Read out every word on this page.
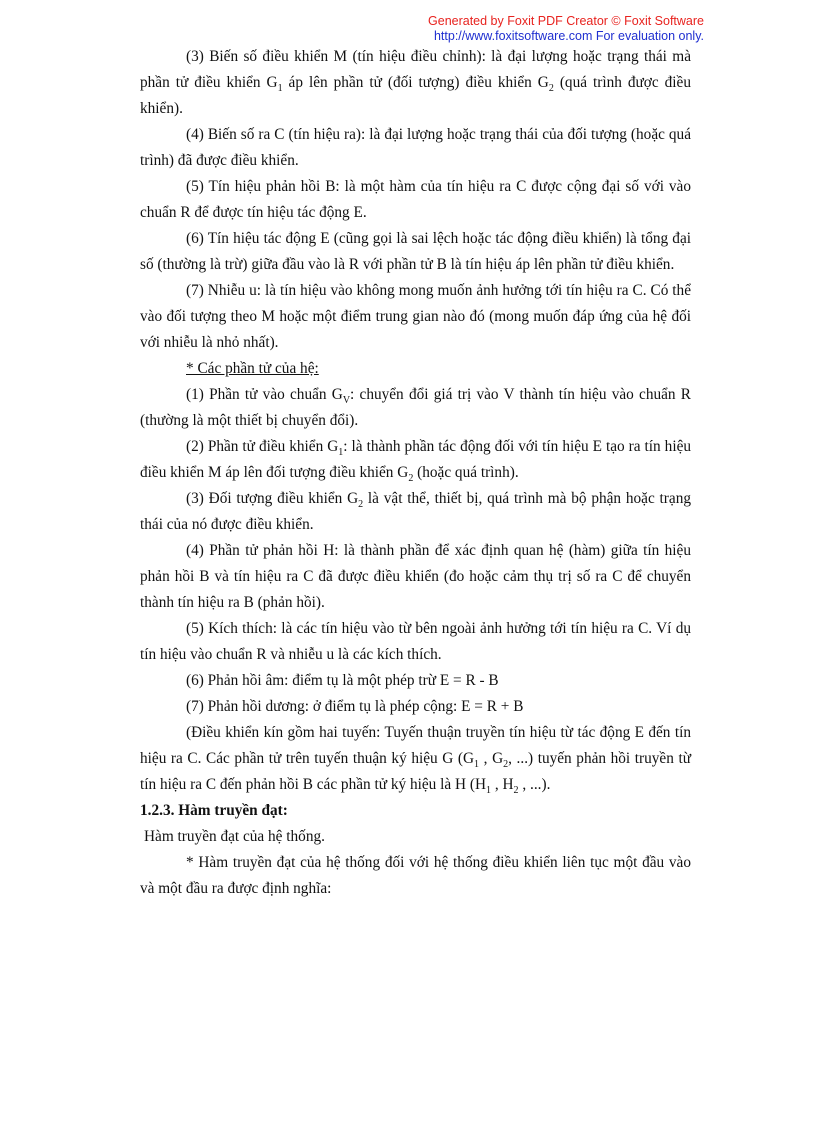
Generated by Foxit PDF Creator © Foxit Software
http://www.foxitsoftware.com For evaluation only.

(3) Biến số điều khiển M (tín hiệu điều chỉnh): là đại lượng hoặc trạng thái mà phần tử điều khiển $G_1$ áp lên phần tử (đối tượng) điều khiển $G_2$ (quá trình được điều khiển).

(4) Biến số ra C (tín hiệu ra): là đại lượng hoặc trạng thái của đối tượng (hoặc quá trình) đã được điều khiển.

(5) Tín hiệu phản hồi B: là một hàm của tín hiệu ra C được cộng đại số với vào chuẩn R để được tín hiệu tác động E.

(6) Tín hiệu tác động E (cũng gọi là sai lệch hoặc tác động điều khiển) là tổng đại số (thường là trừ) giữa đầu vào là R với phần tử B là tín hiệu áp lên phần tử điều khiển.

(7) Nhiễu u: là tín hiệu vào không mong muốn ảnh hưởng tới tín hiệu ra C. Có thể vào đối tượng theo M hoặc một điểm trung gian nào đó (mong muốn đáp ứng của hệ đối với nhiễu là nhỏ nhất).

* Các phần tử của hệ:

(1) Phần tử vào chuẩn $G_V$: chuyển đổi giá trị vào V thành tín hiệu vào chuẩn R (thường là một thiết bị chuyển đổi).

(2) Phần tử điều khiển $G_1$: là thành phần tác động đối với tín hiệu E tạo ra tín hiệu điều khiển M áp lên đối tượng điều khiển $G_2$ (hoặc quá trình).

(3) Đối tượng điều khiển $G_2$ là vật thể, thiết bị, quá trình mà bộ phận hoặc trạng thái của nó được điều khiển.

(4) Phần tử phản hồi H: là thành phần để xác định quan hệ (hàm) giữa tín hiệu phản hồi B và tín hiệu ra C đã được điều khiển (đo hoặc cảm thụ trị số ra C để chuyển thành tín hiệu ra B (phản hồi).

(5) Kích thích: là các tín hiệu vào từ bên ngoài ảnh hưởng tới tín hiệu ra C. Ví dụ tín hiệu vào chuẩn R và nhiễu u là các kích thích.

(6) Phản hồi âm: điểm tụ là một phép trừ E = R - B

(7) Phản hồi dương: ở điểm tụ là phép cộng: E = R + B

(Điều khiển kín gồm hai tuyến: Tuyến thuận truyền tín hiệu từ tác động E đến tín hiệu ra C. Các phần tử trên tuyến thuận ký hiệu G ($G_1$ , $G_2$, ...) tuyến phản hồi truyền từ tín hiệu ra C đến phản hồi B các phần tử ký hiệu là H ($H_1$ , $H_2$ , ...).

1.2.3. Hàm truyền đạt:

Hàm truyền đạt của hệ thống.

* Hàm truyền đạt của hệ thống đối với hệ thống điều khiển liên tục một đầu vào và một đầu ra được định nghĩa:
